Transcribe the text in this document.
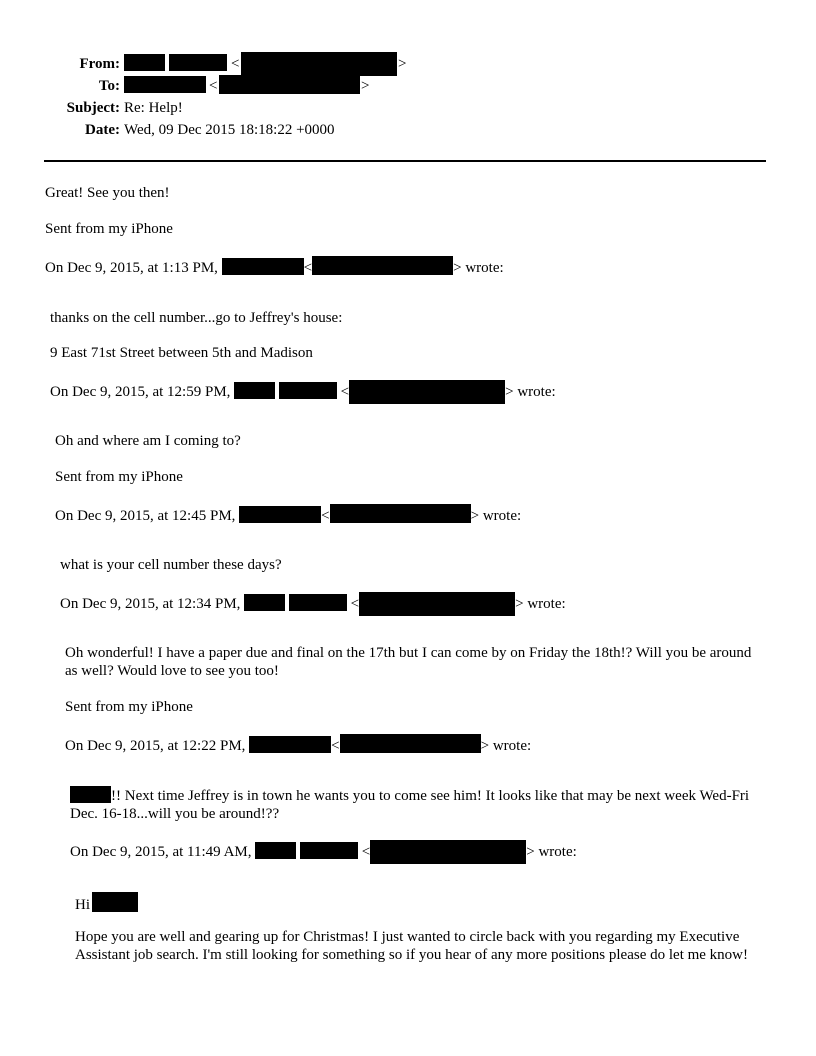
From:
To:
Subject: Re: Help!
Date: Wed, 09 Dec 2015 18:18:22 +0000
<	>
<	>
Great! See you then!
Sent from my iPhone
On Dec 9, 2015, at 1:13 PM,	<	> wrote:
thanks on the cell number...go to Jeffrey's house:
9 East 71st Street between 5th and Madison
On Dec 9, 2015, at 12:59 PM,	<	> wrote:
Oh and where am I coming to?
Sent from my iPhone
On Dec 9, 2015, at 12:45 PM,	<	> wrote:
what is your cell number these days?
On Dec 9, 2015, at 12:34 PM,	<	> wrote:
Oh wonderful! I have a paper due and final on the 17th but I can come by on Friday the 18th!? Will you be around as well? Would love to see you too!
Sent from my iPhone
On Dec 9, 2015, at 12:22 PM,	<	> wrote:
!! Next time Jeffrey is in town he wants you to come see him! It looks like that may be next week Wed-Fri Dec. 16-18...will you be around!??
On Dec 9, 2015, at 11:49 AM,	<	> wrote:
Hi
Hope you are well and gearing up for Christmas! I just wanted to circle back with you regarding my Executive Assistant job search. I'm still looking for something so if you hear of any more positions please do let me know!
